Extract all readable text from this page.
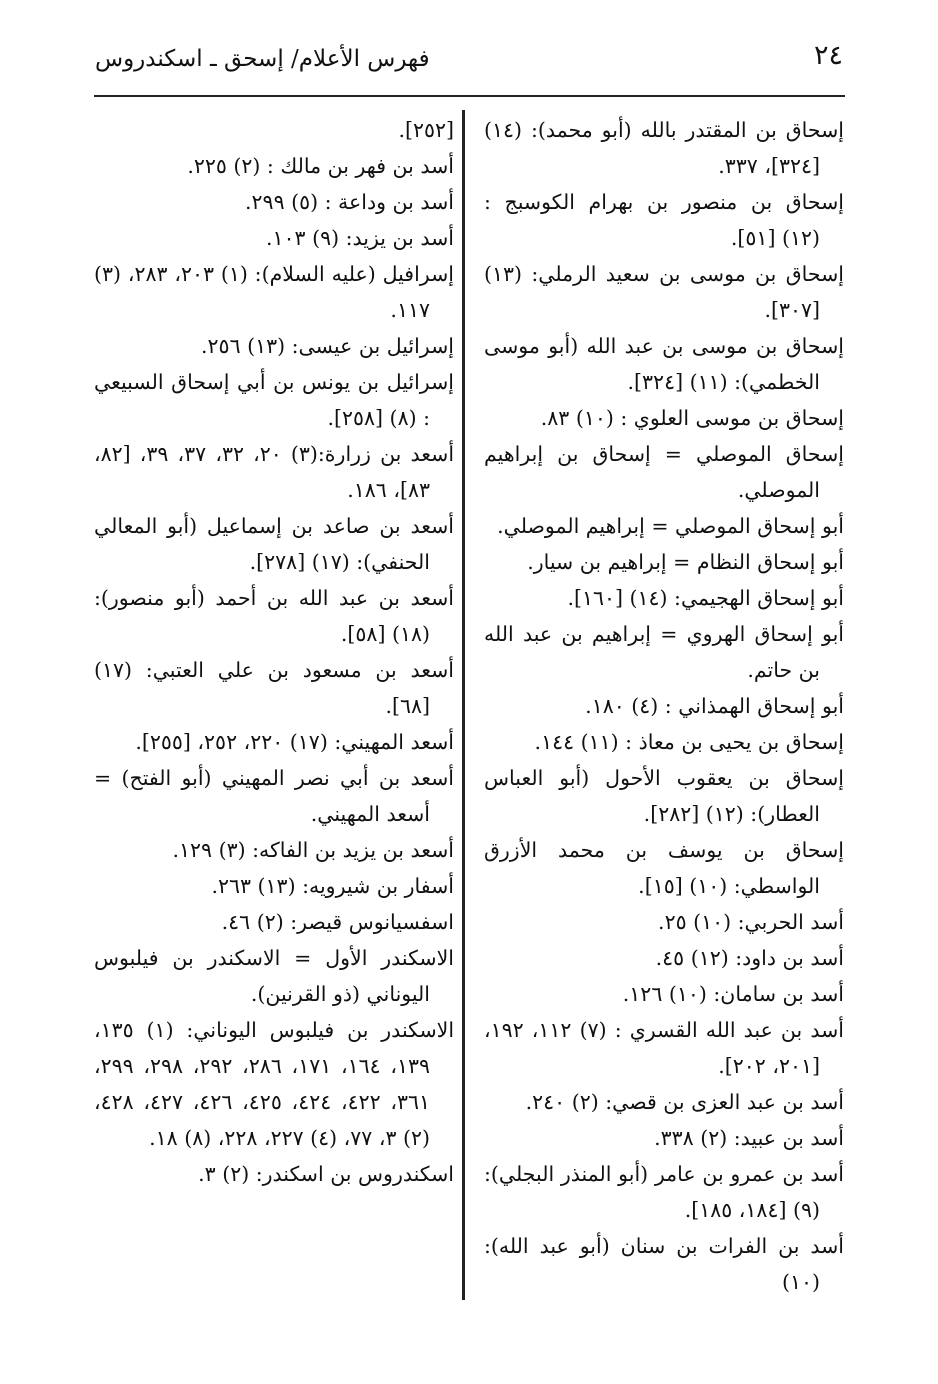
٢٤
فهرس الأعلام/ إسحق ـ اسكندروس
إسحاق بن المقتدر بالله (أبو محمد): (١٤) [٣٢٤]، ٣٣٧.
إسحاق بن منصور بن بهرام الكوسبج : (١٢) [٥١].
إسحاق بن موسى بن سعيد الرملي: (١٣) [٣٠٧].
إسحاق بن موسى بن عبد الله (أبو موسى الخطمي): (١١) [٣٢٤].
إسحاق بن موسى العلوي : (١٠) ٨٣.
إسحاق الموصلي = إسحاق بن إبراهيم الموصلي.
أبو إسحاق الموصلي = إبراهيم الموصلي.
أبو إسحاق النظام = إبراهيم بن سيار.
أبو إسحاق الهجيمي: (١٤) [١٦٠].
أبو إسحاق الهروي = إبراهيم بن عبد الله بن حاتم.
أبو إسحاق الهمذاني : (٤) ١٨٠.
إسحاق بن يحيى بن معاذ : (١١) ١٤٤.
إسحاق بن يعقوب الأحول (أبو العباس العطار): (١٢) [٢٨٢].
إسحاق بن يوسف بن محمد الأزرق الواسطي: (١٠) [١٥].
أسد الحربي: (١٠) ٢٥.
أسد بن داود: (١٢) ٤٥.
أسد بن سامان: (١٠) ١٢٦.
أسد بن عبد الله القسري : (٧) ١١٢، ١٩٢، [٢٠١، ٢٠٢].
أسد بن عبد العزى بن قصي: (٢) ٢٤٠.
أسد بن عبيد: (٢) ٣٣٨.
أسد بن عمرو بن عامر (أبو المنذر البجلي): (٩) [١٨٤، ١٨٥].
أسد بن الفرات بن سنان (أبو عبد الله): (١٠)
[٢٥٢].
أسد بن فهر بن مالك : (٢) ٢٢٥.
أسد بن وداعة : (٥) ٢٩٩.
أسد بن يزيد: (٩) ١٠٣.
إسرافيل (عليه السلام): (١) ٢٠٣، ٢٨٣، (٣) ١١٧.
إسرائيل بن عيسى: (١٣) ٢٥٦.
إسرائيل بن يونس بن أبي إسحاق السبيعي : (٨) [٢٥٨].
أسعد بن زرارة:(٣) ٢٠، ٣٢، ٣٧، ٣٩، [٨٢، ٨٣]، ١٨٦.
أسعد بن صاعد بن إسماعيل (أبو المعالي الحنفي): (١٧) [٢٧٨].
أسعد بن عبد الله بن أحمد (أبو منصور): (١٨) [٥٨].
أسعد بن مسعود بن علي العتبي: (١٧) [٦٨].
أسعد المهيني: (١٧) ٢٢٠، ٢٥٢، [٢٥٥].
أسعد بن أبي نصر المهيني (أبو الفتح) = أسعد المهيني.
أسعد بن يزيد بن الفاكه: (٣) ١٢٩.
أسفار بن شيرويه: (١٣) ٢٦٣.
اسفسيانوس قيصر: (٢) ٤٦.
الاسكندر الأول = الاسكندر بن فيلبوس اليوناني (ذو القرنين).
الاسكندر بن فيلبوس اليوناني: (١) ١٣٥، ١٣٩، ١٦٤، ١٧١، ٢٨٦، ٢٩٢، ٢٩٨، ٢٩٩، ٣٦١، ٤٢٢، ٤٢٤، ٤٢٥، ٤٢٦، ٤٢٧، ٤٢٨، (٢) ٣، ٧٧، (٤) ٢٢٧، ٢٢٨، (٨) ١٨.
اسكندروس بن اسكندر: (٢) ٣.
